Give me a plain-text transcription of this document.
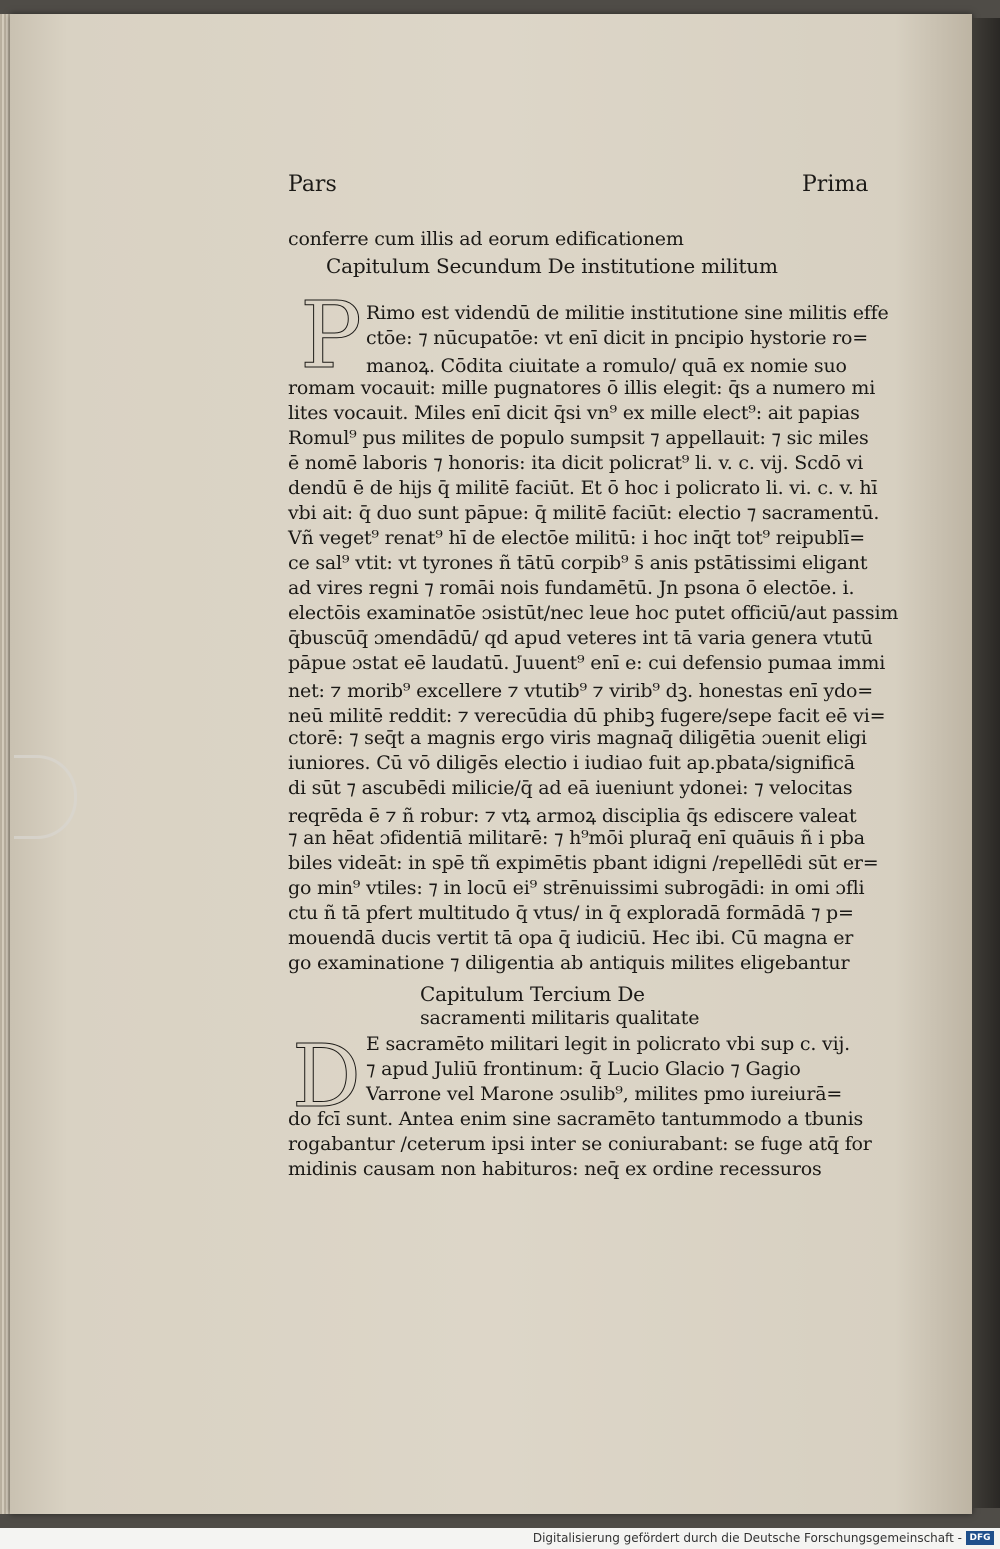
Pars	Prima
P
D
conferre cum illis ad eorum edificationem
Capitulum Secundum De institutione militum
Rimo est videndū de militie institutione sine militis effe
ctōe: ⁊ nūcupatōe: vt enī dicit in pncipio hystorie ro=
manoꝝ. Cōdita ciuitate a romulo/ quā ex nomie suo
romam vocauit: mille pugnatores ō illis elegit: q̄s a numero mi
lites vocauit. Miles enī dicit q̄si vn⁹ ex mille elect⁹: ait papias
Romul⁹ pus milites de populo sumpsit ⁊ appellauit: ⁊ sic miles
ē nomē laboris ⁊ honoris: ita dicit policrat⁹ li. v. c. vij. Scdō vi
dendū ē de hijs q̄ militē faciūt. Et ō hoc i policrato li. vi. c. v. hī
vbi ait: q̄ duo sunt pāpue: q̄ militē faciūt: electio ⁊ sacramentū.
Vñ veget⁹ renat⁹ hī de electōe militū: i hoc inq̄t tot⁹ reipublī=
ce sal⁹ vtit: vt tyrones ñ tātū corpib⁹ s̄ anis pstātissimi eligant
ad vires regni ⁊ romāi nois fundamētū. Jn psona ō electōe. i.
electōis examinatōe ɔsistūt/nec leue hoc putet officiū/aut passim
q̄buscūq̄ ɔmendādū/ qd apud veteres int tā varia genera vtutū
pāpue ɔstat eē laudatū. Juuent⁹ enī e: cui defensio pumaa immi
net: ⁊ morib⁹ excellere ⁊ vtutib⁹ ⁊ virib⁹ dꝫ. honestas enī ydo=
neū militē reddit: ⁊ verecūdia dū phibꝫ fugere/sepe facit eē vi=
ctorē: ⁊ seq̄t a magnis ergo viris magnaq̄ diligētia ɔuenit eligi
iuniores. Cū vō diligēs electio i iudiao fuit ap.pbata/significā
di sūt ⁊ ascubēdi milicie/q̄ ad eā iueniunt ydonei: ⁊ velocitas
reqrēda ē ⁊ ñ robur: ⁊ vtꝝ armoꝝ disciplia q̄s ediscere valeat
⁊ an hēat ɔfidentiā militarē: ⁊ h⁹mōi pluraq̄ enī quāuis ñ i pba
biles videāt: in spē tñ expimētis pbant idigni /repellēdi sūt er=
go min⁹ vtiles: ⁊ in locū ei⁹ strēnuissimi subrogādi: in omi ɔfli
ctu ñ tā pfert multitudo q̄ vtus/ in q̄ exploradā formādā ⁊ p=
mouendā ducis vertit tā opa q̄ iudiciū. Hec ibi. Cū magna er
go examinatione ⁊ diligentia ab antiquis milites eligebantur
Capitulum Tercium De
sacramenti militaris qualitate
E sacramēto militari legit in policrato vbi sup c. vij.
⁊ apud Juliū frontinum: q̄ Lucio Glacio ⁊ Gagio
Varrone vel Marone ɔsulib⁹, milites pmo iureiurā=
do fcī sunt. Antea enim sine sacramēto tantummodo a tbunis
rogabantur /ceterum ipsi inter se coniurabant: se fuge atq̄ for
midinis causam non habituros: neq̄ ex ordine recessuros
Digitalisierung gefördert durch die Deutsche Forschungsgemeinschaft - DFG
